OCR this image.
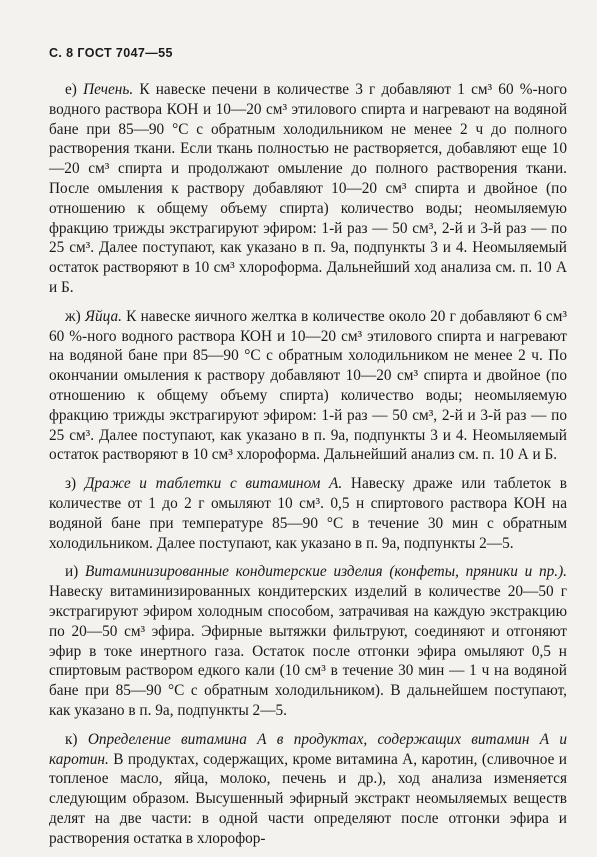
С. 8 ГОСТ 7047—55

е) Печень. К навеске печени в количестве 3 г добавляют 1 см³ 60 %-ного водного раствора КОН и 10—20 см³ этилового спирта и нагревают на водяной бане при 85—90 °С с обратным холодильником не менее 2 ч до полного растворения ткани. Если ткань полностью не растворяется, добавляют еще 10—20 см³ спирта и продолжают омыление до полного растворения ткани. После омыления к раствору добавляют 10—20 см³ спирта и двойное (по отношению к общему объему спирта) количество воды; неомыляемую фракцию трижды экстрагируют эфиром: 1-й раз — 50 см³, 2-й и 3-й раз — по 25 см³. Далее поступают, как указано в п. 9а, подпункты 3 и 4. Неомыляемый остаток растворяют в 10 см³ хлороформа. Дальнейший ход анализа см. п. 10 А и Б.

ж) Яйца. К навеске яичного желтка в количестве около 20 г добавляют 6 см³ 60 %-ного водного раствора КОН и 10—20 см³ этилового спирта и нагревают на водяной бане при 85—90 °С с обратным холодильником не менее 2 ч. По окончании омыления к раствору добавляют 10—20 см³ спирта и двойное (по отношению к общему объему спирта) количество воды; неомыляемую фракцию трижды экстрагируют эфиром: 1-й раз — 50 см³, 2-й и 3-й раз — по 25 см³. Далее поступают, как указано в п. 9а, подпункты 3 и 4. Неомыляемый остаток растворяют в 10 см³ хлороформа. Дальнейший анализ см. п. 10 А и Б.

з) Драже и таблетки с витамином А. Навеску драже или таблеток в количестве от 1 до 2 г омыляют 10 см³. 0,5 н спиртового раствора КОН на водяной бане при температуре 85—90 °С в течение 30 мин с обратным холодильником. Далее поступают, как указано в п. 9а, подпункты 2—5.

и) Витаминизированные кондитерские изделия (конфеты, пряники и пр.). Навеску витаминизированных кондитерских изделий в количестве 20—50 г экстрагируют эфиром холодным способом, затрачивая на каждую экстракцию по 20—50 см³ эфира. Эфирные вытяжки фильтруют, соединяют и отгоняют эфир в токе инертного газа. Остаток после отгонки эфира омыляют 0,5 н спиртовым раствором едкого кали (10 см³ в течение 30 мин — 1 ч на водяной бане при 85—90 °С с обратным холодильником). В дальнейшем поступают, как указано в п. 9а, подпункты 2—5.

к) Определение витамина А в продуктах, содержащих витамин А и каротин. В продуктах, содержащих, кроме витамина А, каротин, (сливочное и топленое масло, яйца, молоко, печень и др.), ход анализа изменяется следующим образом. Высушенный эфирный экстракт неомыляемых веществ делят на две части: в одной части определяют после отгонки эфира и растворения остатка в хлорофор-
